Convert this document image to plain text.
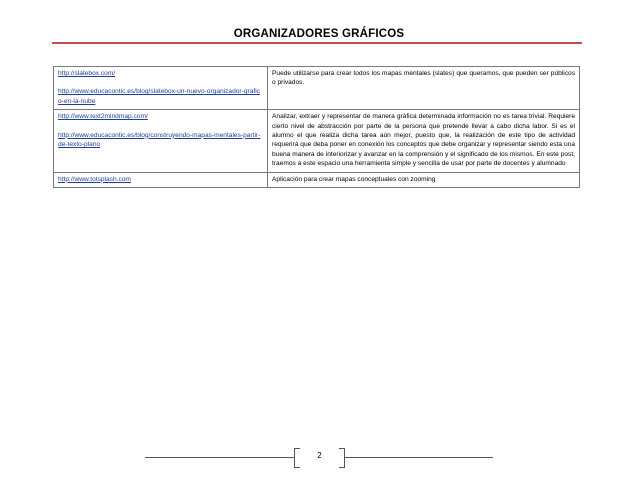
ORGANIZADORES GRÁFICOS
http://slatebox.com/
http://www.educacontic.es/blog/slatebox-un-nuevo-organizador-grafico-en-la-nube	Puede utilizarse para crear todos los mapas mentales (slates) que queramos, que pueden ser públicos o privados.

http://www.text2mindmap.com/
http://www.educacontic.es/blog/construyendo-mapas-mentales-partir-de-texto-plano	Analizar, extraer y representar de manera gráfica determinada información no es tarea trivial. Requiere cierto nivel de abstracción por parte de la persona que pretende llevar a cabo dicha labor. Si es el alumno el que realiza dicha tarea aún mejor, puesto que, la realización de este tipo de actividad requerirá que deba poner en conexión los conceptos que debe organizar y representar siendo esta una buena manera de interiorizar y avanzar en la comprensión y el significado de los mismos. En este post, traemos a este espacio una herramienta simple y sencilla de usar por parte de docentes y alumnado

http://www.totsplash.com	Aplicación para crear mapas conceptuales con zooming
2
